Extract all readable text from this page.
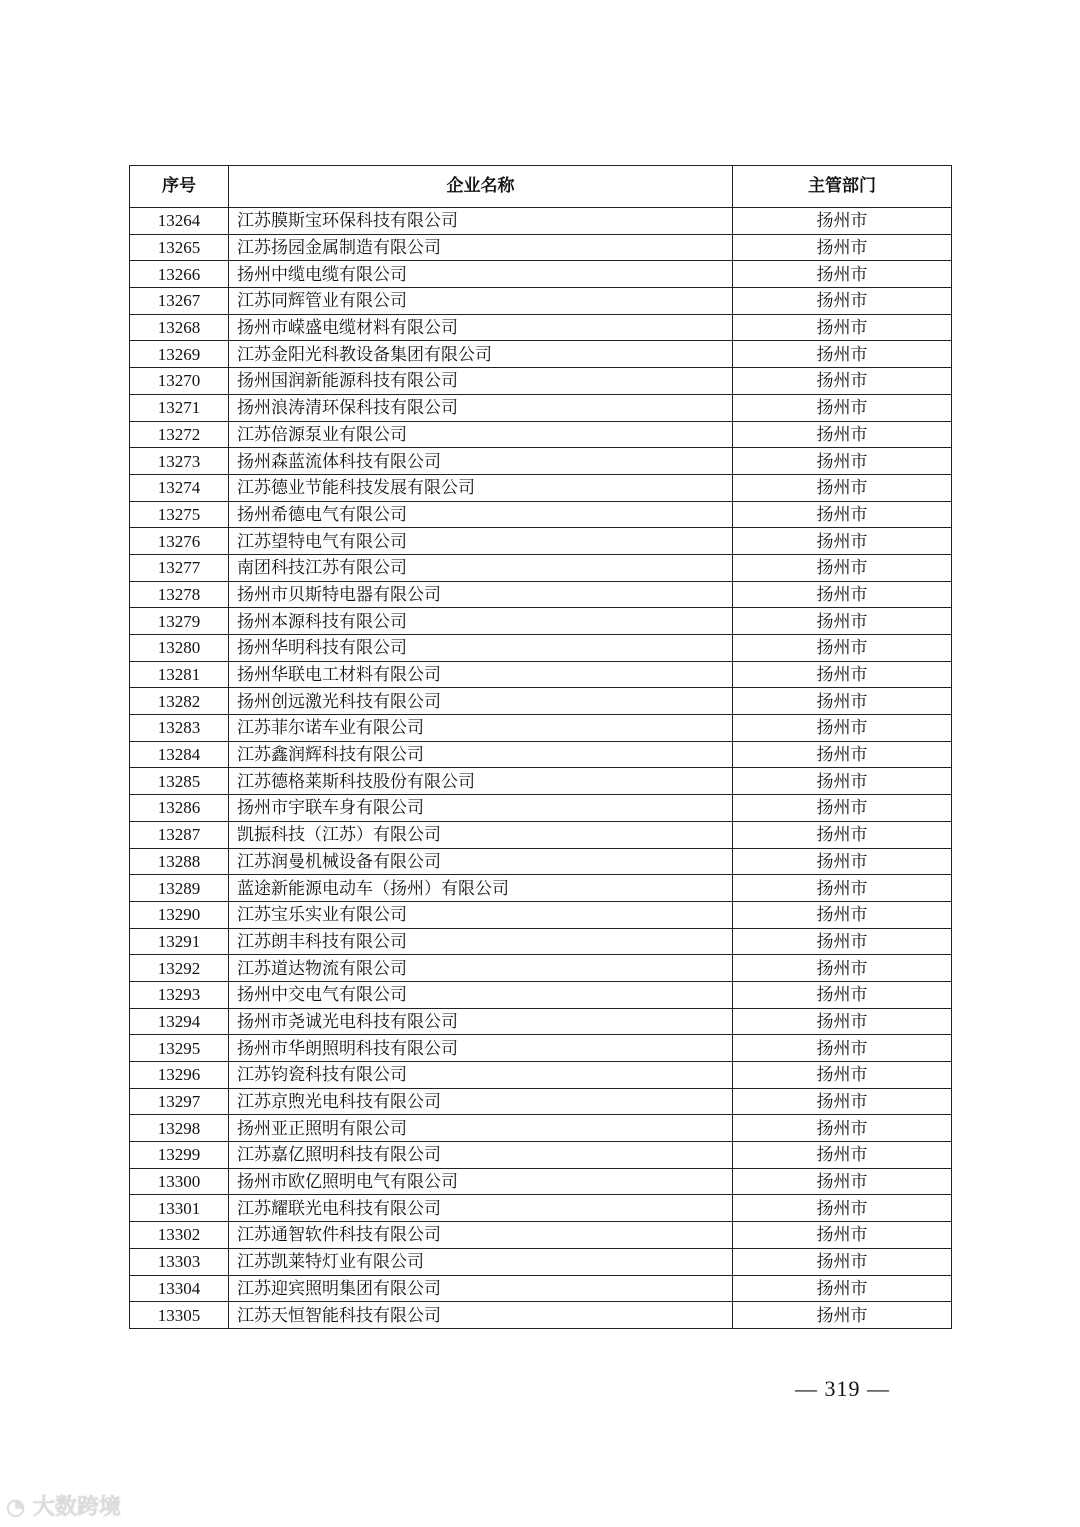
序号	企业名称	主管部门
13264	江苏膜斯宝环保科技有限公司	扬州市
13265	江苏扬园金属制造有限公司	扬州市
13266	扬州中缆电缆有限公司	扬州市
13267	江苏同辉管业有限公司	扬州市
13268	扬州市嵘盛电缆材料有限公司	扬州市
13269	江苏金阳光科教设备集团有限公司	扬州市
13270	扬州国润新能源科技有限公司	扬州市
13271	扬州浪涛清环保科技有限公司	扬州市
13272	江苏倍源泵业有限公司	扬州市
13273	扬州森蓝流体科技有限公司	扬州市
13274	江苏德业节能科技发展有限公司	扬州市
13275	扬州希德电气有限公司	扬州市
13276	江苏望特电气有限公司	扬州市
13277	南团科技江苏有限公司	扬州市
13278	扬州市贝斯特电器有限公司	扬州市
13279	扬州本源科技有限公司	扬州市
13280	扬州华明科技有限公司	扬州市
13281	扬州华联电工材料有限公司	扬州市
13282	扬州创远激光科技有限公司	扬州市
13283	江苏菲尔诺车业有限公司	扬州市
13284	江苏鑫润辉科技有限公司	扬州市
13285	江苏德格莱斯科技股份有限公司	扬州市
13286	扬州市宇联车身有限公司	扬州市
13287	凯振科技（江苏）有限公司	扬州市
13288	江苏润曼机械设备有限公司	扬州市
13289	蓝途新能源电动车（扬州）有限公司	扬州市
13290	江苏宝乐实业有限公司	扬州市
13291	江苏朗丰科技有限公司	扬州市
13292	江苏道达物流有限公司	扬州市
13293	扬州中交电气有限公司	扬州市
13294	扬州市尧诚光电科技有限公司	扬州市
13295	扬州市华朗照明科技有限公司	扬州市
13296	江苏钧瓷科技有限公司	扬州市
13297	江苏京煦光电科技有限公司	扬州市
13298	扬州亚正照明有限公司	扬州市
13299	江苏嘉亿照明科技有限公司	扬州市
13300	扬州市欧亿照明电气有限公司	扬州市
13301	江苏耀联光电科技有限公司	扬州市
13302	江苏通智软件科技有限公司	扬州市
13303	江苏凯莱特灯业有限公司	扬州市
13304	江苏迎宾照明集团有限公司	扬州市
13305	江苏天恒智能科技有限公司	扬州市
— 319 —
◔ 大数跨境
